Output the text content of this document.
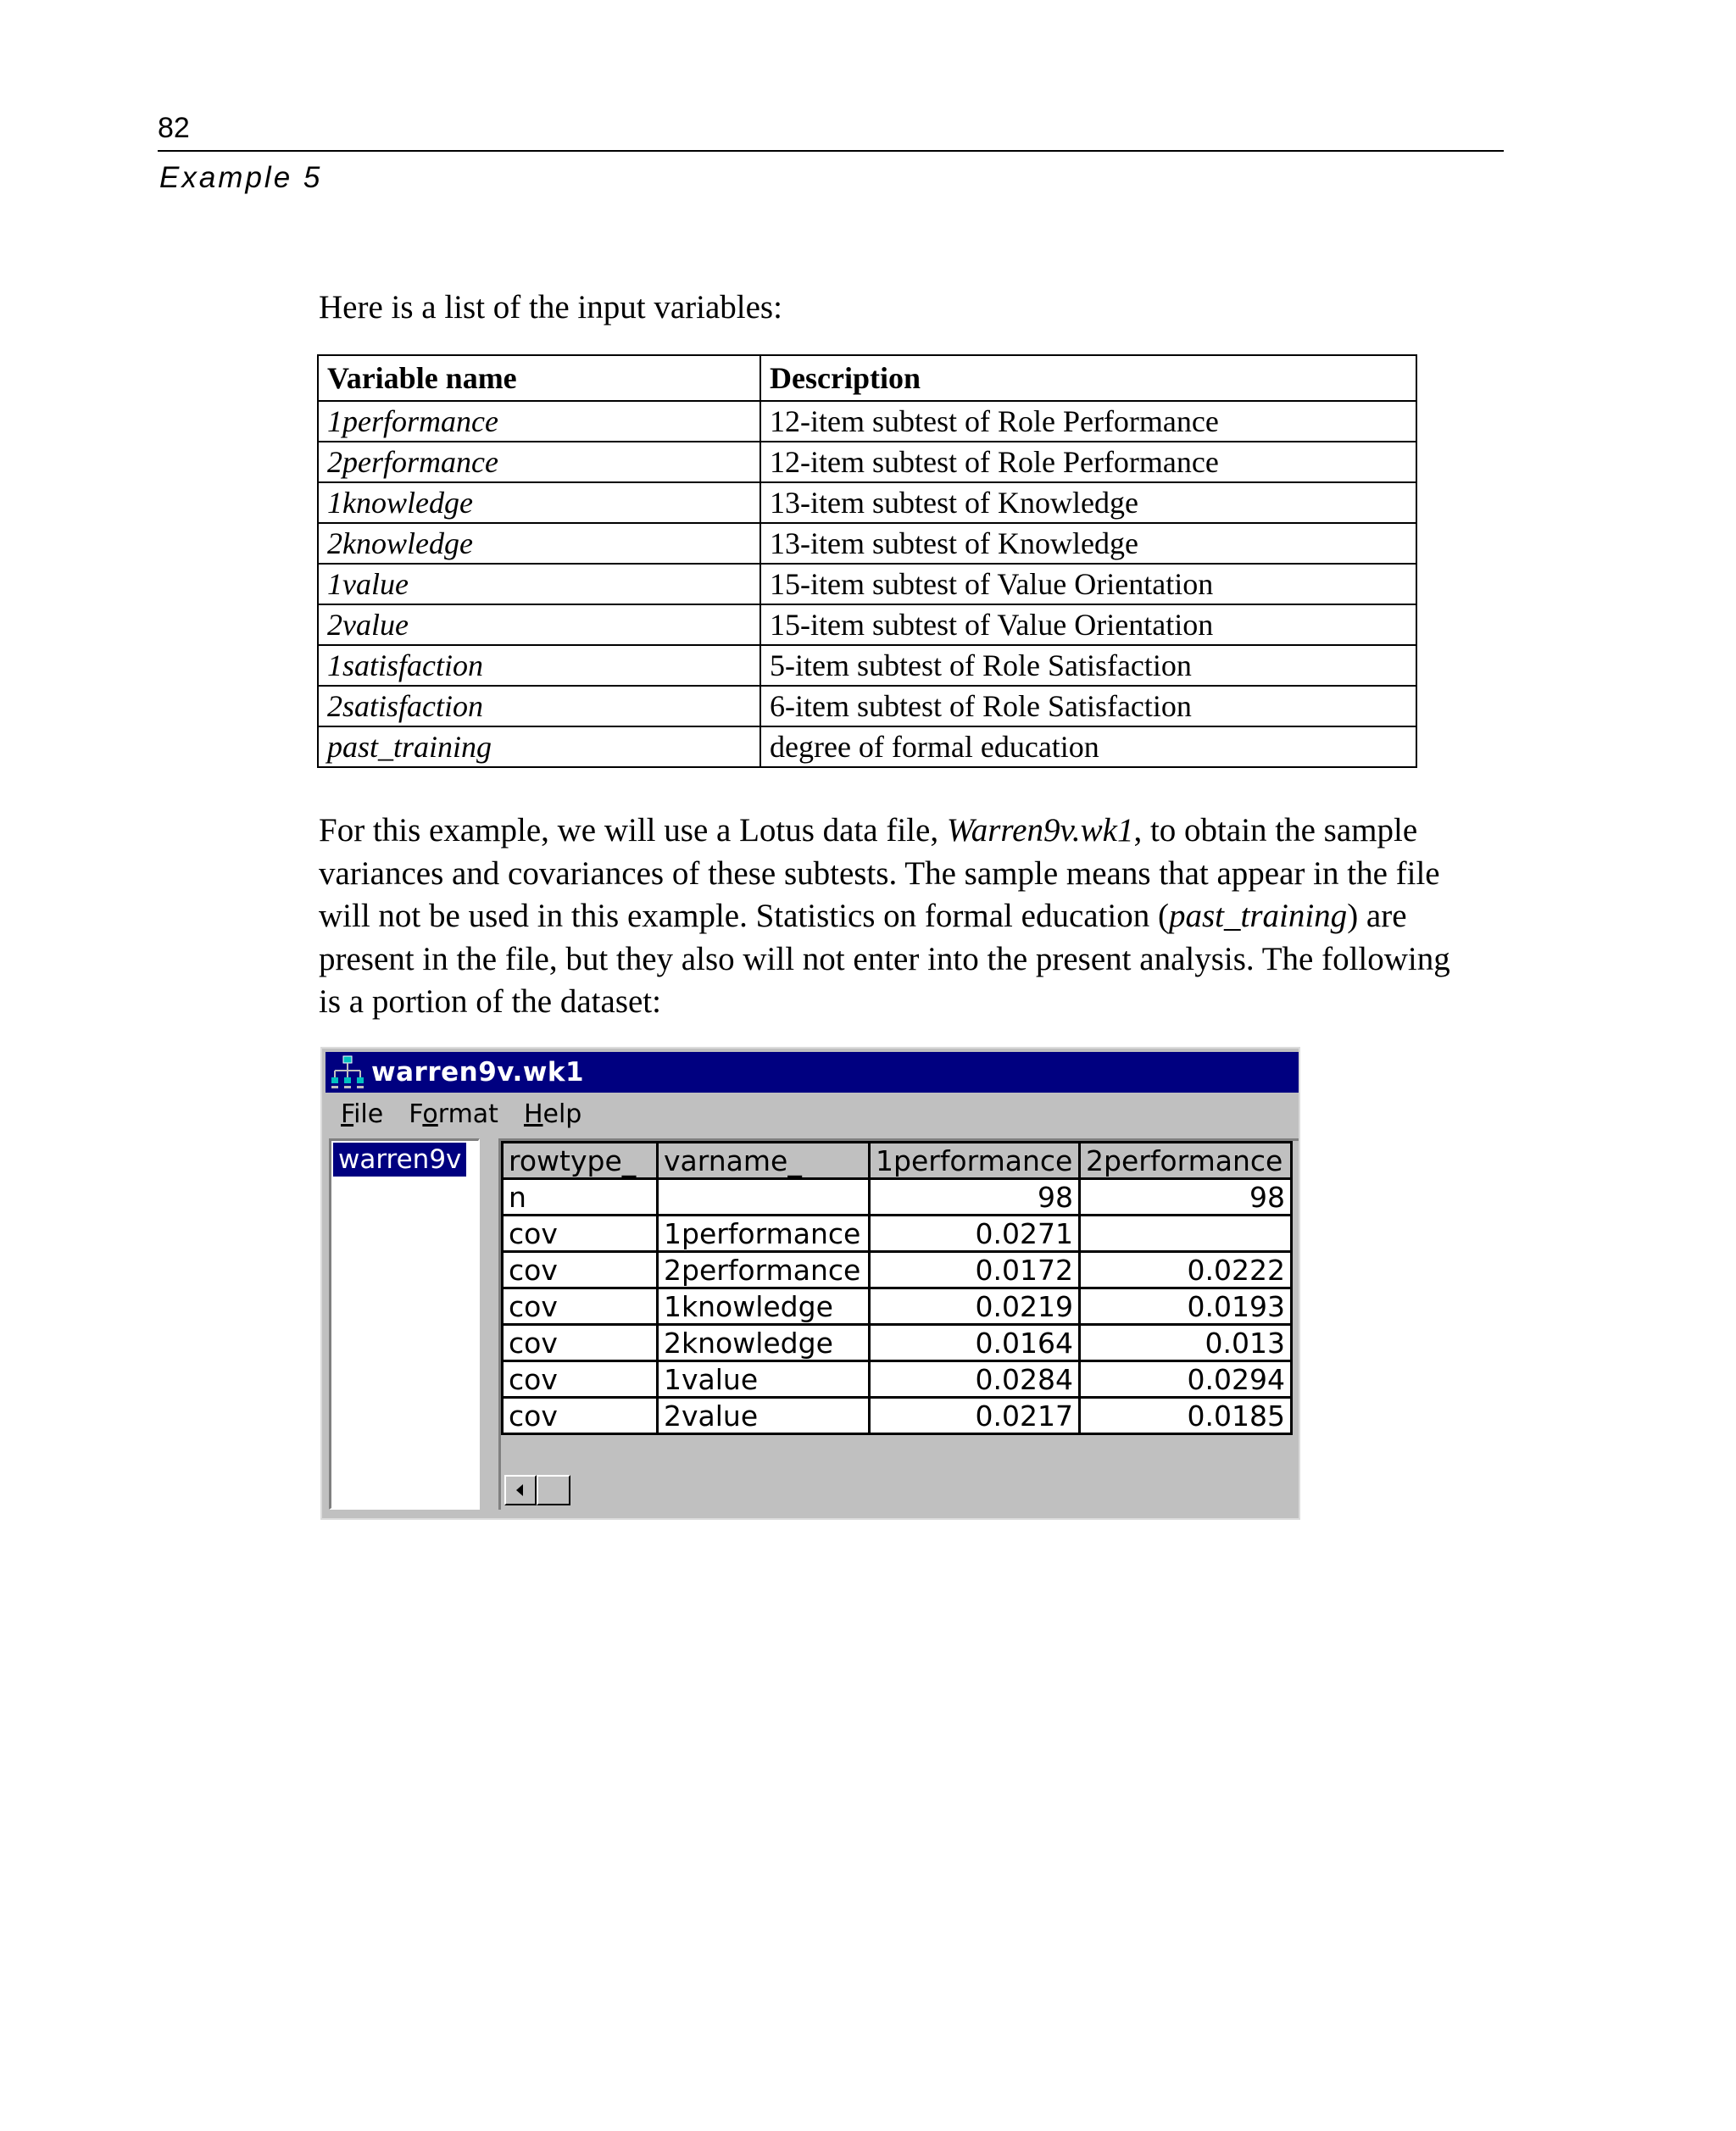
82
Example 5
Here is a list of the input variables:
Variable name	Description
1performance	12-item subtest of Role Performance
2performance	12-item subtest of Role Performance
1knowledge	13-item subtest of Knowledge
2knowledge	13-item subtest of Knowledge
1value	15-item subtest of Value Orientation
2value	15-item subtest of Value Orientation
1satisfaction	5-item subtest of Role Satisfaction
2satisfaction	6-item subtest of Role Satisfaction
past_training	degree of formal education
For this example, we will use a Lotus data file, Warren9v.wk1, to obtain the sample
variances and covariances of these subtests. The sample means that appear in the file
will not be used in this example. Statistics on formal education (past_training) are
present in the file, but they also will not enter into the present analysis. The following
is a portion of the dataset:
warren9v.wk1
File Format Help
warren9v	rowtype_	varname_	1performance	2performance
n		98	98
cov	1performance	0.0271	
cov	2performance	0.0172	0.0222
cov	1knowledge	0.0219	0.0193
cov	2knowledge	0.0164	0.013
cov	1value	0.0284	0.0294
cov	2value	0.0217	0.0185
